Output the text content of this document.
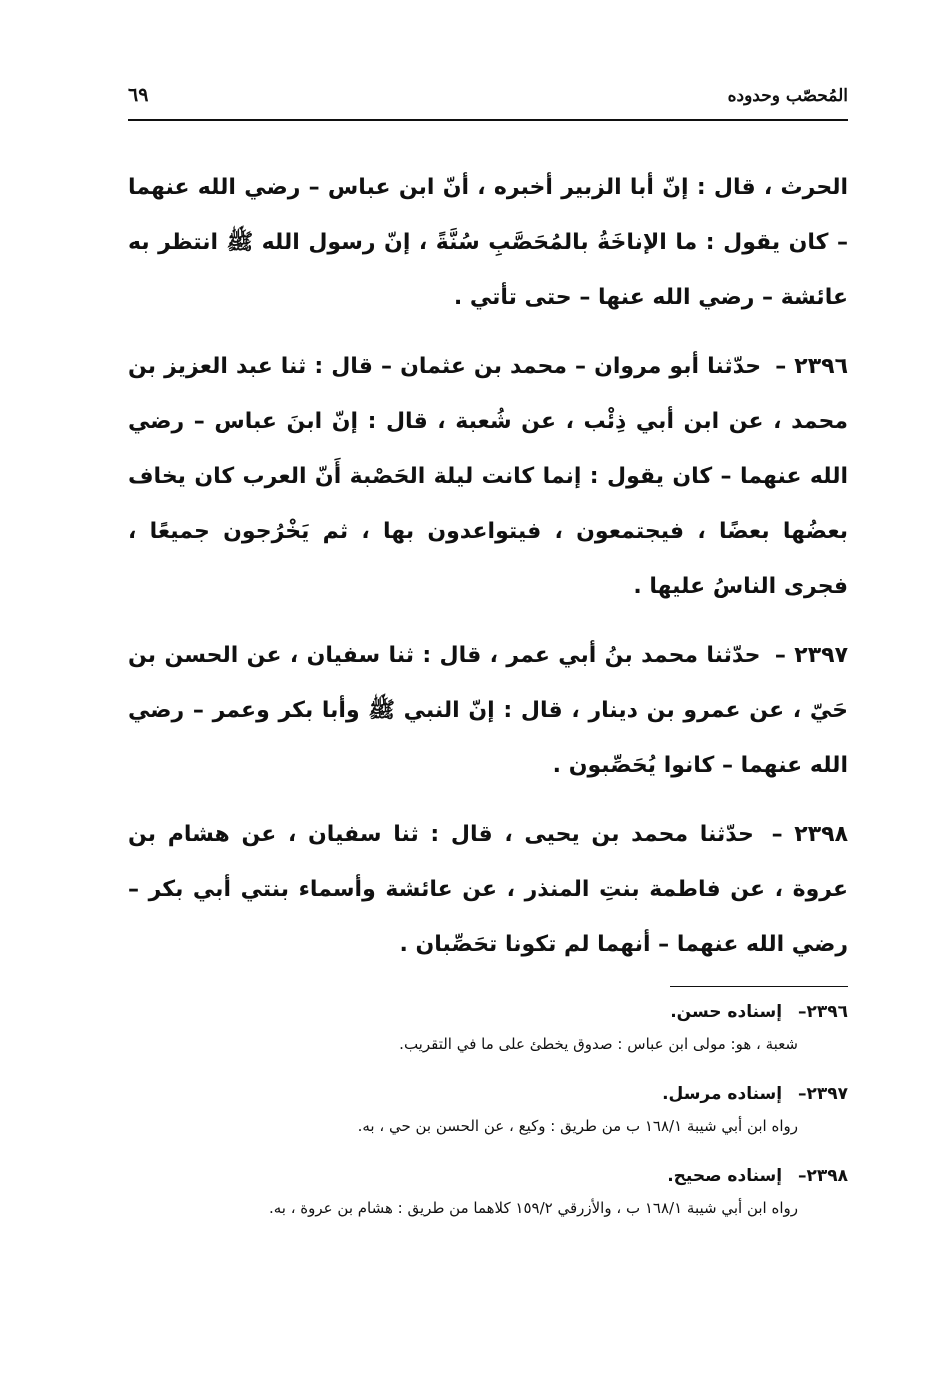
المُحصّب وحدوده
٦٩

الحرث ، قال : إنّ أبا الزبير أخبره ، أنّ ابن عباس – رضي الله عنهما – كان يقول : ما الإناخَةُ بالمُحَصَّبِ سُنَّةً ، إنّ رسول الله ﷺ انتظر به عائشة – رضي الله عنها – حتى تأتي .

٢٣٩٦ – حدّثنا أبو مروان – محمد بن عثمان – قال : ثنا عبد العزيز بن محمد ، عن ابن أبي ذِئْب ، عن شُعبة ، قال : إنّ ابنَ عباس – رضي الله عنهما – كان يقول : إنما كانت ليلة الحَصْبة أَنّ العرب كان يخاف بعضُها بعضًا ، فيجتمعون ، فيتواعدون بها ، ثم يَخْرُجون جميعًا ، فجرى الناسُ عليها .

٢٣٩٧ – حدّثنا محمد بنُ أبي عمر ، قال : ثنا سفيان ، عن الحسن بن حَيّ ، عن عمرو بن دينار ، قال : إنّ النبي ﷺ وأبا بكر وعمر – رضي الله عنهما – كانوا يُحَصِّبون .

٢٣٩٨ – حدّثنا محمد بن يحيى ، قال : ثنا سفيان ، عن هشام بن عروة ، عن فاطمة بنتِ المنذر ، عن عائشة وأسماء بنتي أبي بكر – رضي الله عنهما – أنهما لم تكونا تحَصِّبان .

٢٣٩٦– إسناده حسن.
شعبة ، هو: مولى ابن عباس : صدوق يخطئ على ما في التقريب.
٢٣٩٧– إسناده مرسل.
رواه ابن أبي شيبة ١٦٨/١ ب من طريق : وكيع ، عن الحسن بن حي ، به.
٢٣٩٨– إسناده صحيح.
رواه ابن أبي شيبة ١٦٨/١ ب ، والأزرقي ١٥٩/٢ كلاهما من طريق : هشام بن عروة ، به.
